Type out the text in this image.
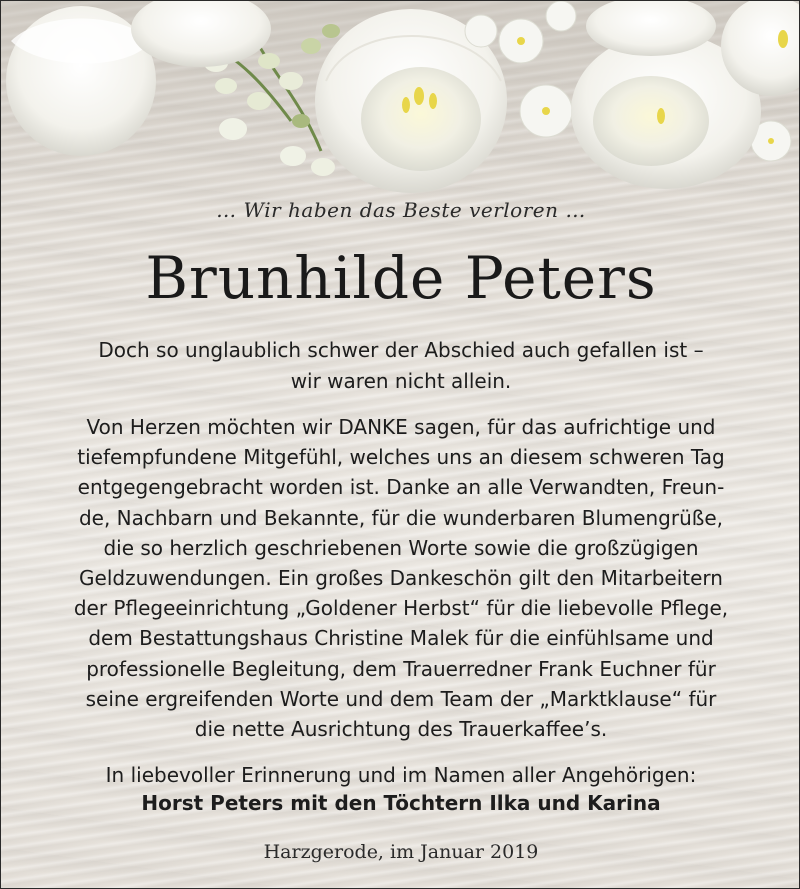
… Wir haben das Beste verloren …
Brunhilde Peters
Doch so unglaublich schwer der Abschied auch gefallen ist –
wir waren nicht allein.
Von Herzen möchten wir DANKE sagen, für das aufrichtige und
tiefempfundene Mitgefühl, welches uns an diesem schweren Tag
entgegengebracht worden ist. Danke an alle Verwandten, Freun-
de, Nachbarn und Bekannte, für die wunderbaren Blumengrüße,
die so herzlich geschriebenen Worte sowie die großzügigen
Geldzuwendungen. Ein großes Dankeschön gilt den Mitarbeitern
der Pflegeeinrichtung „Goldener Herbst“ für die liebevolle Pflege,
dem Bestattungshaus Christine Malek für die einfühlsame und
professionelle Begleitung, dem Trauerredner Frank Euchner für
seine ergreifenden Worte und dem Team der „Marktklause“ für
die nette Ausrichtung des Trauerkaffee’s.
In liebevoller Erinnerung und im Namen aller Angehörigen:
Horst Peters mit den Töchtern Ilka und Karina
Harzgerode, im Januar 2019
